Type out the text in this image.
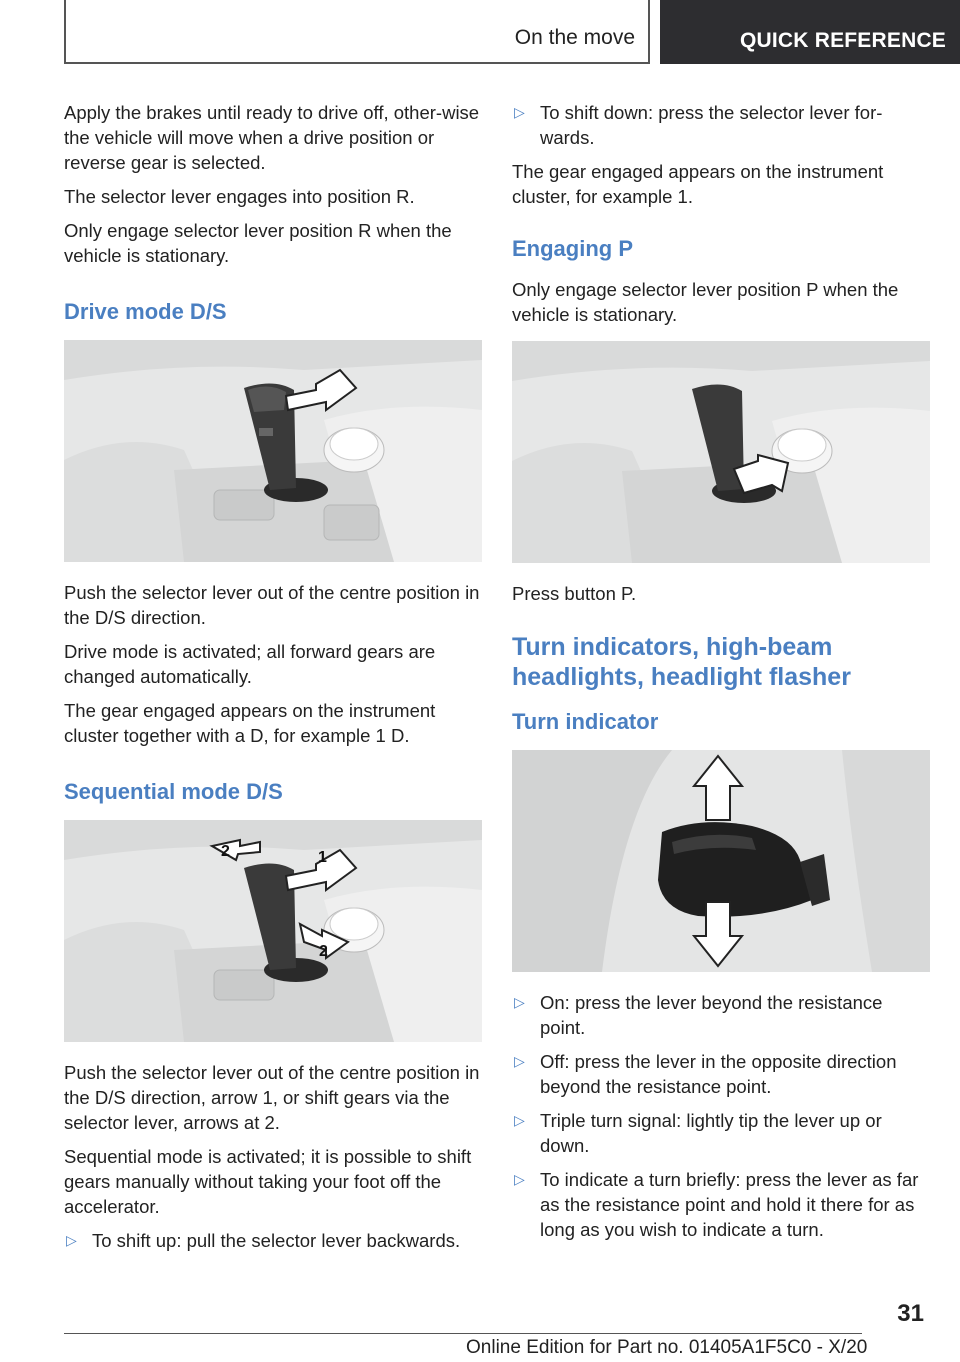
On the move	QUICK REFERENCE

Apply the brakes until ready to drive off, other-wise the vehicle will move when a drive position or reverse gear is selected.

The selector lever engages into position R.

Only engage selector lever position R when the vehicle is stationary.

Drive mode D/S

Push the selector lever out of the centre position in the D/S direction.

Drive mode is activated; all forward gears are changed automatically.

The gear engaged appears on the instrument cluster together with a D, for example 1 D.

Sequential mode D/S
1
2
2

Push the selector lever out of the centre position in the D/S direction, arrow 1, or shift gears via the selector lever, arrows at 2.

Sequential mode is activated; it is possible to shift gears manually without taking your foot off the accelerator.

▷ To shift up: pull the selector lever backwards.
▷ To shift down: press the selector lever for-wards.

The gear engaged appears on the instrument cluster, for example 1.

Engaging P

Only engage selector lever position P when the vehicle is stationary.

Press button P.

Turn indicators, high-beam headlights, headlight flasher
Turn indicator
▷ On: press the lever beyond the resistance point.
▷ Off: press the lever in the opposite direction beyond the resistance point.
▷ Triple turn signal: lightly tip the lever up or down.
▷ To indicate a turn briefly: press the lever as far as the resistance point and hold it there for as long as you wish to indicate a turn.
31
Online Edition for Part no. 01405A1F5C0 - X/20
